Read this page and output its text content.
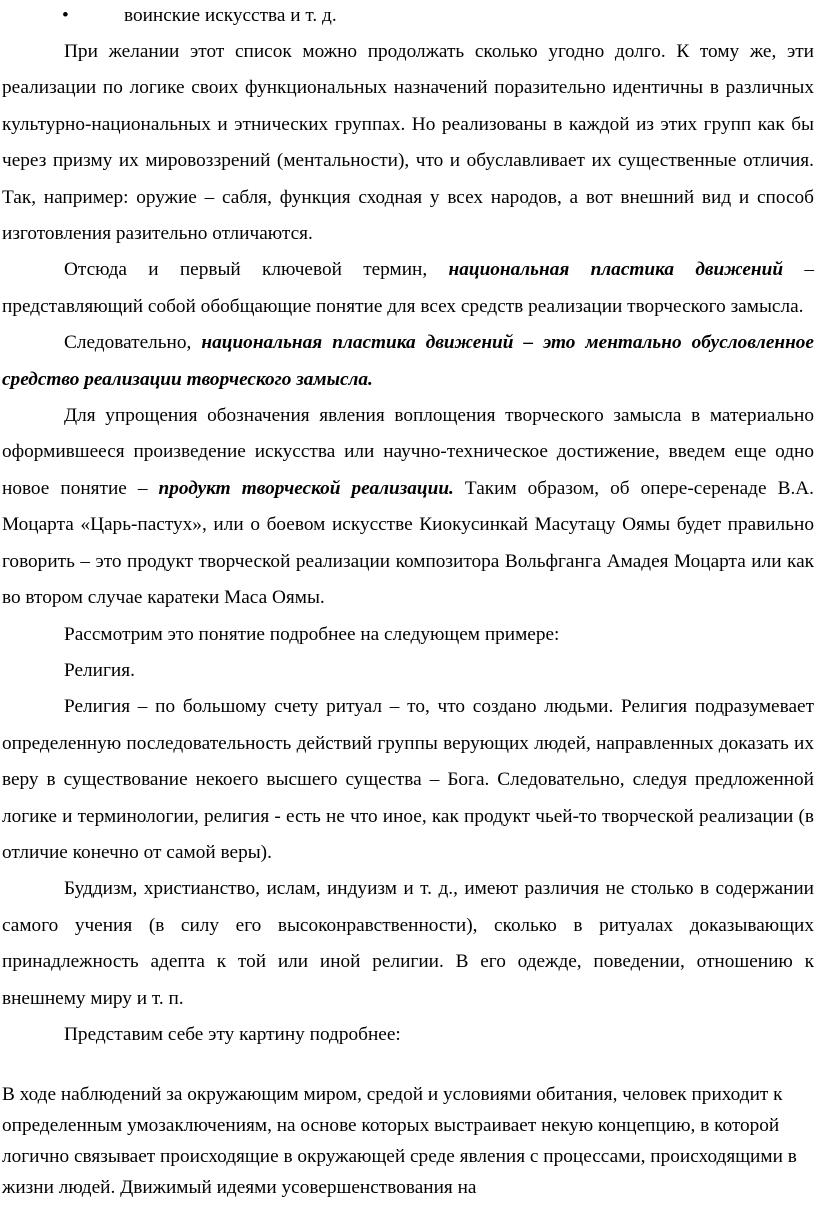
•	воинские искусства и т. д.

При желании этот список можно продолжать сколько угодно долго. К тому же, эти реализации по логике своих функциональных назначений поразительно идентичны в различных культурно-национальных и этнических группах. Но реализованы в каждой из этих групп как бы через призму их мировоззрений (ментальности), что и обуславливает их существенные отличия. Так, например: оружие – сабля, функция сходная у всех народов, а вот внешний вид и способ изготовления разительно отличаются.

Отсюда и первый ключевой термин, национальная пластика движений – представляющий собой обобщающие понятие для всех средств реализации творческого замысла.

Следовательно, национальная пластика движений – это ментально обусловленное средство реализации творческого замысла.

Для упрощения обозначения явления воплощения творческого замысла в материально оформившееся произведение искусства или научно-техническое достижение, введем еще одно новое понятие – продукт творческой реализации. Таким образом, об опере-серенаде В.А. Моцарта «Царь-пастух», или о боевом искусстве Киокусинкай Масутацу Оямы будет правильно говорить – это продукт творческой реализации композитора Вольфганга Амадея Моцарта или как во втором случае каратеки Маса Оямы.

Рассмотрим это понятие подробнее на следующем примере:

Религия.

Религия – по большому счету ритуал – то, что создано людьми. Религия подразумевает определенную последовательность действий группы верующих людей, направленных доказать их веру в существование некоего высшего существа – Бога. Следовательно, следуя предложенной логике и терминологии, религия - есть не что иное, как продукт чьей-то творческой реализации (в отличие конечно от самой веры).

Буддизм, христианство, ислам, индуизм и т. д., имеют различия не столько в содержании самого учения (в силу его высоконравственности), сколько в ритуалах доказывающих принадлежность адепта к той или иной религии. В его одежде, поведении, отношению к внешнему миру и т. п.

Представим себе эту картину подробнее:

В ходе наблюдений за окружающим миром, средой и условиями обитания, человек приходит к определенным умозаключениям, на основе которых выстраивает некую концепцию, в которой логично связывает происходящие в окружающей среде явления с процессами, происходящими в жизни людей. Движимый идеями усовершенствования на
